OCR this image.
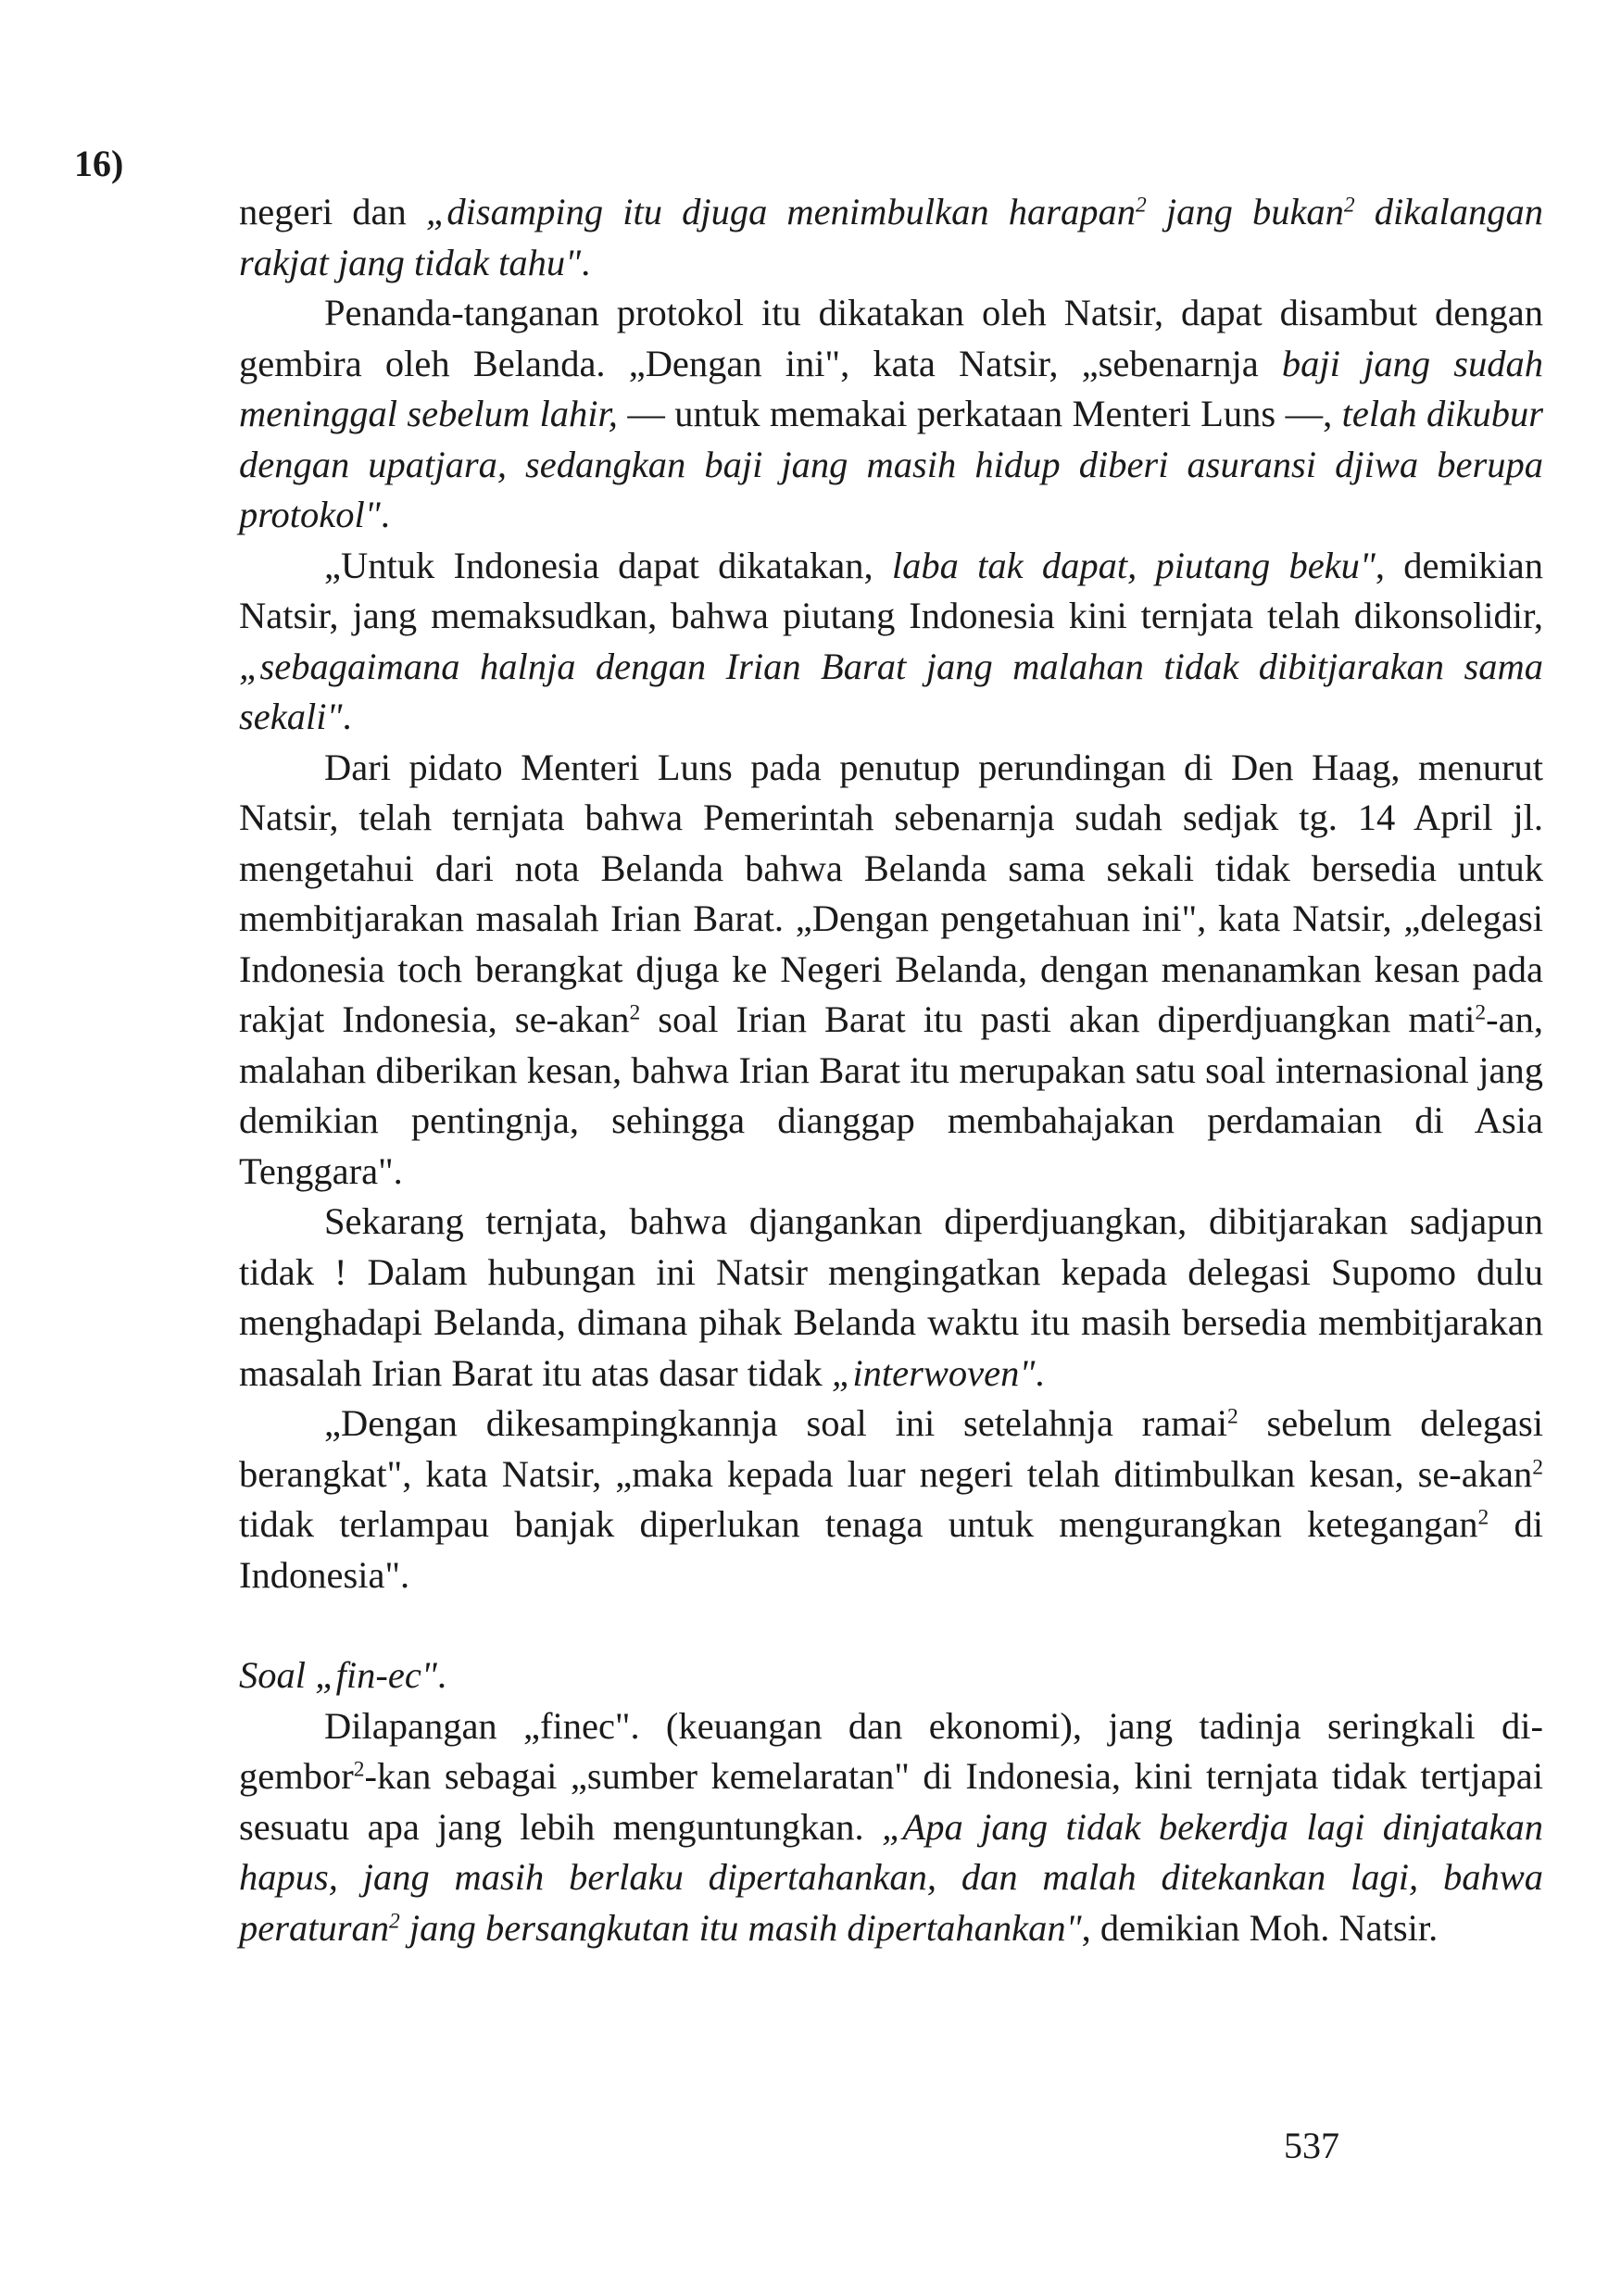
16)

negeri dan „disamping itu djuga menimbulkan harapan$^2$ jang bukan$^2$ dikalangan rakjat jang tidak tahu".

Penanda-tanganan protokol itu dikatakan oleh Natsir, dapat disambut dengan gembira oleh Belanda. „Dengan ini", kata Natsir, „sebenarnja baji jang sudah meninggal sebelum lahir, — untuk memakai perkataan Menteri Luns —, telah dikubur dengan upatjara, sedangkan baji jang masih hidup diberi asuransi djiwa berupa protokol".

„Untuk Indonesia dapat dikatakan, laba tak dapat, piutang beku", demikian Natsir, jang memaksudkan, bahwa piutang Indonesia kini ternjata telah dikonsolidir, „sebagaimana halnja dengan Irian Barat jang malahan tidak dibitjarakan sama sekali".

Dari pidato Menteri Luns pada penutup perundingan di Den Haag, menurut Natsir, telah ternjata bahwa Pemerintah sebenarnja sudah sedjak tg. 14 April jl. mengetahui dari nota Belanda bahwa Belanda sama sekali tidak bersedia untuk membitjarakan masalah Irian Barat. „Dengan pengetahuan ini", kata Natsir, „delegasi Indonesia toch berangkat djuga ke Negeri Belanda, dengan menanamkan kesan pada rakjat Indonesia, se-akan$^2$ soal Irian Barat itu pasti akan diperdjuangkan mati$^2$-an, malahan diberikan kesan, bahwa Irian Barat itu merupakan satu soal internasional jang demikian pentingnja, sehingga dianggap membahajakan perdamaian di Asia Tenggara".

Sekarang ternjata, bahwa djangankan diperdjuangkan, dibitjarakan sadjapun tidak ! Dalam hubungan ini Natsir mengingatkan kepada delegasi Supomo dulu menghadapi Belanda, dimana pihak Belanda waktu itu masih bersedia membitjarakan masalah Irian Barat itu atas dasar tidak „interwoven".

„Dengan dikesampingkannja soal ini setelahnja ramai$^2$ sebelum delegasi berangkat", kata Natsir, „maka kepada luar negeri telah ditimbulkan kesan, se-akan$^2$ tidak terlampau banjak diperlukan tenaga untuk mengurangkan ketegangan$^2$ di Indonesia".

Soal „fin-ec".

Dilapangan „finec". (keuangan dan ekonomi), jang tadinja seringkali di-gembor$^2$-kan sebagai „sumber kemelaratan" di Indonesia, kini ternjata tidak tertjapai sesuatu apa jang lebih menguntungkan. „Apa jang tidak bekerdja lagi dinjatakan hapus, jang masih berlaku dipertahankan, dan malah ditekankan lagi, bahwa peraturan$^2$ jang bersangkutan itu masih dipertahankan", demikian Moh. Natsir.

537
